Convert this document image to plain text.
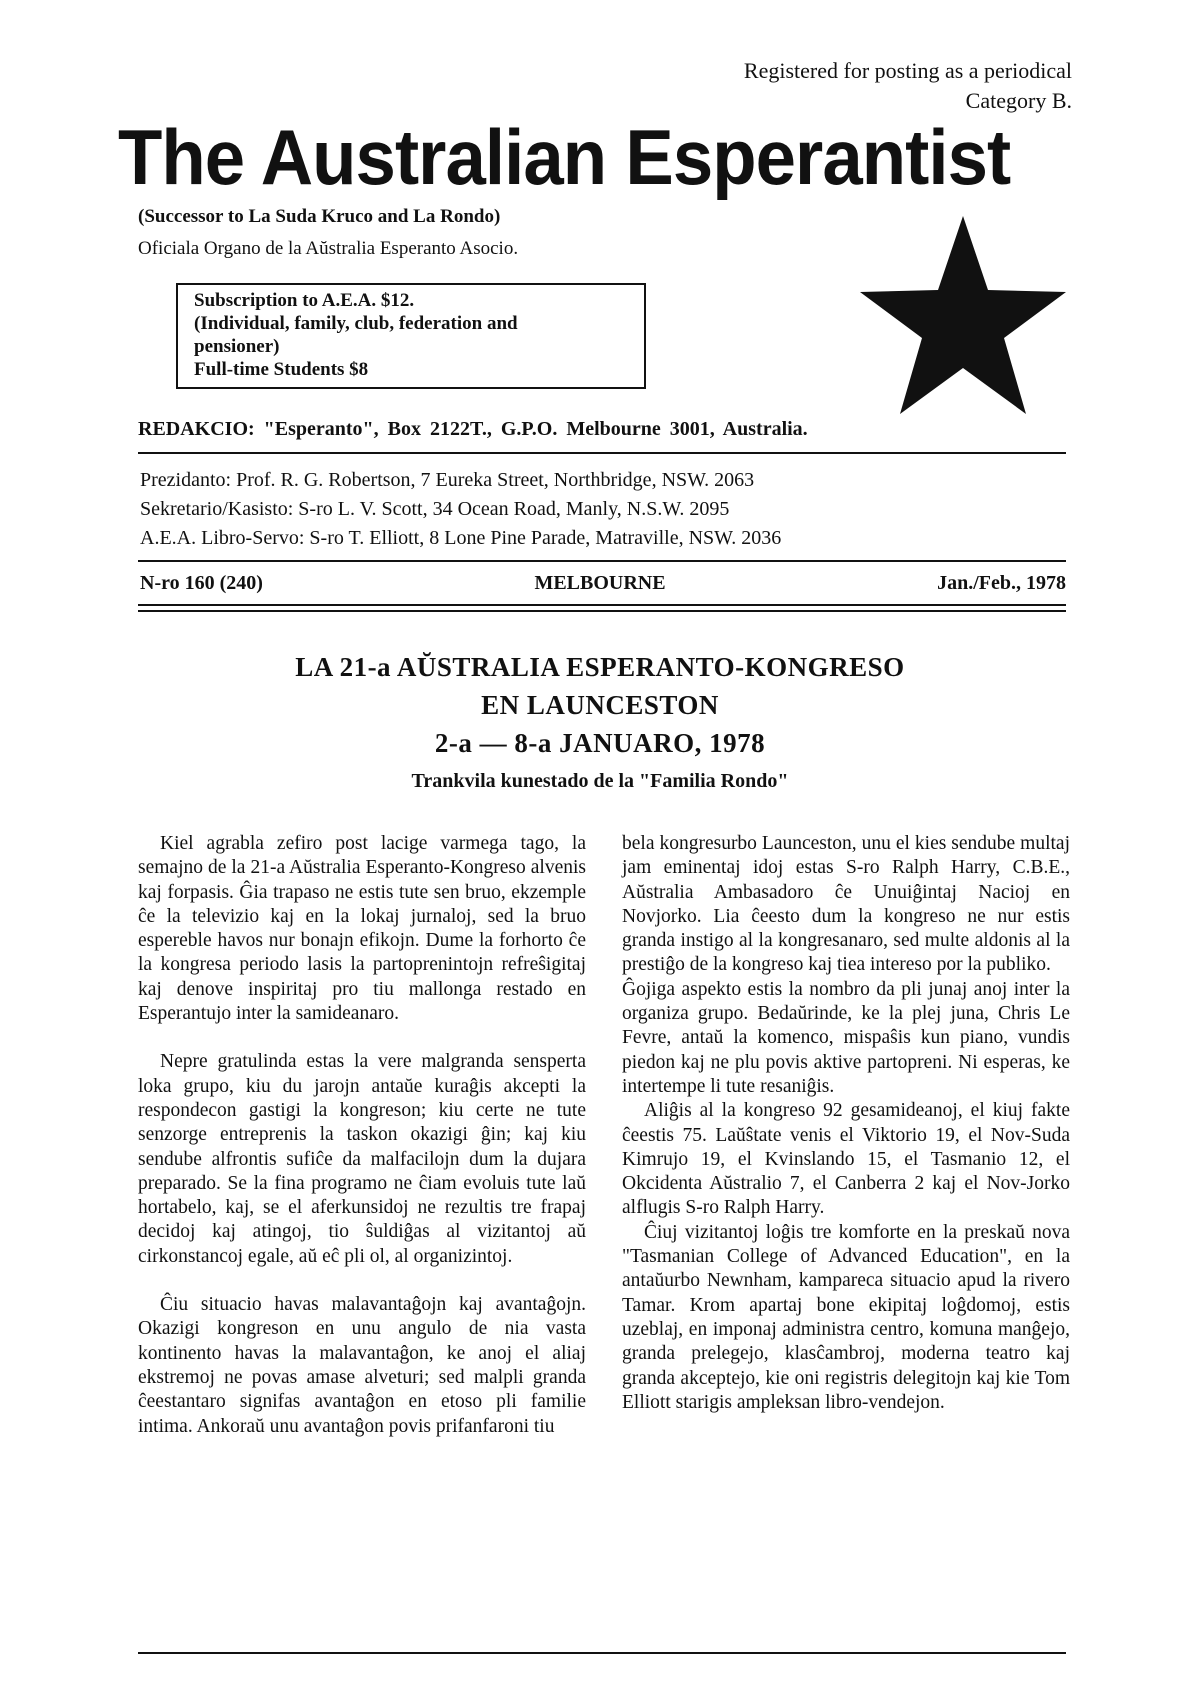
Registered for posting as a periodical
Category B.
The Australian Esperantist
(Successor to La Suda Kruco and La Rondo)
Oficiala Organo de la Aŭstralia Esperanto Asocio.
Subscription to A.E.A. $12.
(Individual, family, club, federation and
pensioner)
Full-time Students $8
REDAKCIO: "Esperanto", Box 2122T., G.P.O. Melbourne 3001, Australia.
Prezidanto: Prof. R. G. Robertson, 7 Eureka Street, Northbridge, NSW. 2063
Sekretario/Kasisto: S-ro L. V. Scott, 34 Ocean Road, Manly, N.S.W. 2095
A.E.A. Libro-Servo: S-ro T. Elliott, 8 Lone Pine Parade, Matraville, NSW. 2036
N-ro 160 (240)	MELBOURNE	Jan./Feb., 1978
LA 21-a AŬSTRALIA ESPERANTO-KONGRESO
EN LAUNCESTON
2-a — 8-a JANUARO, 1978
Trankvila kunestado de la "Familia Rondo"

Kiel agrabla zefiro post lacige varmega tago, la semajno de la 21-a Aŭstralia Esperanto-Kongreso alvenis kaj forpasis. Ĝia trapaso ne estis tute sen bruo, ekzemple ĉe la televizio kaj en la lokaj jurnaloj, sed la bruo espereble havos nur bonajn efikojn. Dume la forhorto ĉe la kongresa periodo lasis la partoprenintojn refreŝigitaj kaj denove inspiritaj pro tiu mallonga restado en Esperantujo inter la samideanaro.

Nepre gratulinda estas la vere malgranda sensperta loka grupo, kiu du jarojn antaŭe kuraĝis akcepti la respondecon gastigi la kongreson; kiu certe ne tute senzorge entreprenis la taskon okazigi ĝin; kaj kiu sendube alfrontis sufiĉe da malfacilojn dum la dujara preparado. Se la fina programo ne ĉiam evoluis tute laŭ hortabelo, kaj, se el aferkunsidoj ne rezultis tre frapaj decidoj kaj atingoj, tio ŝuldiĝas al vizitantoj aŭ cirkonstancoj egale, aŭ eĉ pli ol, al organizintoj.

Ĉiu situacio havas malavantaĝojn kaj avantaĝojn. Okazigi kongreson en unu angulo de nia vasta kontinento havas la malavantaĝon, ke anoj el aliaj ekstremoj ne povas amase alveturi; sed malpli granda ĉeestantaro signifas avantaĝon en etoso pli familie intima. Ankoraŭ unu avantaĝon povis prifanfaroni tiu

bela kongresurbo Launceston, unu el kies sendube multaj jam eminentaj idoj estas S-ro Ralph Harry, C.B.E., Aŭstralia Ambasadoro ĉe Unuiĝintaj Nacioj en Novjorko. Lia ĉeesto dum la kongreso ne nur estis granda instigo al la kongresanaro, sed multe aldonis al la prestiĝo de la kongreso kaj tiea intereso por la publiko.

Ĝojiga aspekto estis la nombro da pli junaj anoj inter la organiza grupo. Bedaŭrinde, ke la plej juna, Chris Le Fevre, antaŭ la komenco, mispaŝis kun piano, vundis piedon kaj ne plu povis aktive partopreni. Ni esperas, ke intertempe li tute resaniĝis.

Aliĝis al la kongreso 92 gesamideanoj, el kiuj fakte ĉeestis 75. Laŭŝtate venis el Viktorio 19, el Nov-Suda Kimrujo 19, el Kvinslando 15, el Tasmanio 12, el Okcidenta Aŭstralio 7, el Canberra 2 kaj el Nov-Jorko alflugis S-ro Ralph Harry.

Ĉiuj vizitantoj loĝis tre komforte en la preskaŭ nova "Tasmanian College of Advanced Education", en la antaŭurbo Newnham, kampareca situacio apud la rivero Tamar. Krom apartaj bone ekipitaj loĝdomoj, estis uzeblaj, en imponaj administra centro, komuna manĝejo, granda prelegejo, klasĉambroj, moderna teatro kaj granda akceptejo, kie oni registris delegitojn kaj kie Tom Elliott starigis ampleksan libro-vendejon.
